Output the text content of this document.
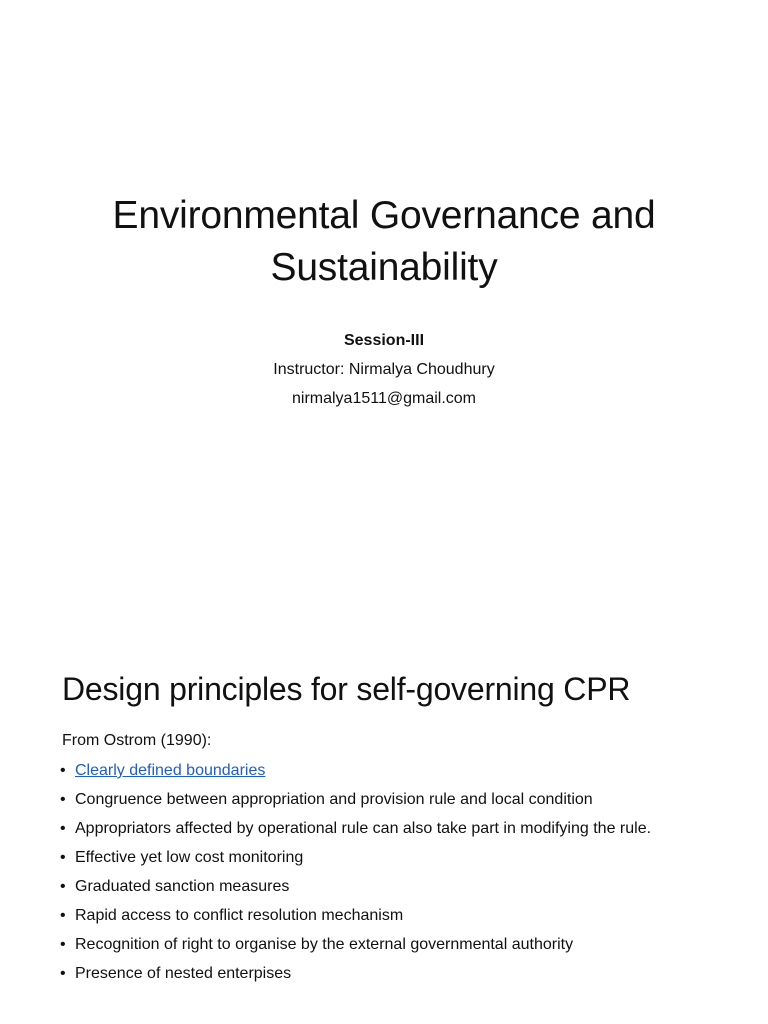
Environmental Governance and
Sustainability
Session-III
Instructor: Nirmalya Choudhury
nirmalya1511@gmail.com
Design principles for self-governing CPR
From Ostrom (1990):
• Clearly defined boundaries
• Congruence between appropriation and provision rule and local condition
• Appropriators affected by operational rule can also take part in modifying the rule.
• Effective yet low cost monitoring
• Graduated sanction measures
• Rapid access to conflict resolution mechanism
• Recognition of right to organise by the external governmental authority
• Presence of nested enterpises
